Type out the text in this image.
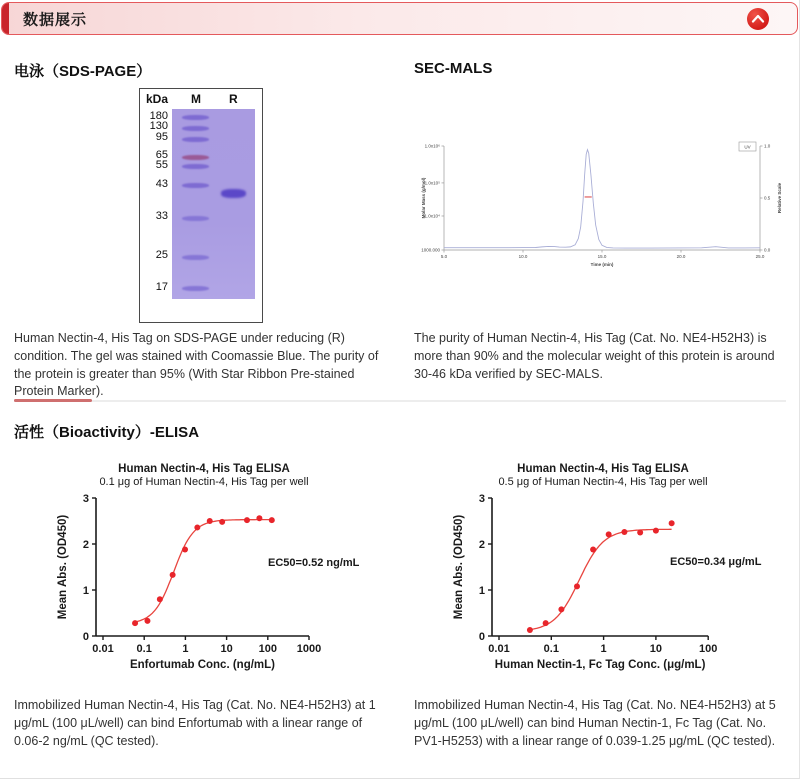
数据展示
电泳（SDS-PAGE）	SEC-MALS
kDa M R
180
130
95
65
55
43
33
25
17
1.0x10⁶
1.0x10⁵
1.0x10⁴
1000.000
1.0
0.5
0.0
5.0	10.0	15.0	20.0	25.0
Time (min)
Molar Mass (g/mol)	Relative Scale
UV

Human Nectin-4, His Tag on SDS-PAGE under reducing (R) condition. The gel was stained with Coomassie Blue. The purity of the protein is greater than 95% (With Star Ribbon Pre-stained Protein Marker).

The purity of Human Nectin-4, His Tag (Cat. No. NE4-H52H3) is more than 90% and the molecular weight of this protein is around 30-46 kDa verified by SEC-MALS.

活性（Bioactivity）-ELISA
Human Nectin-4, His Tag ELISA
0.1 μg of Human Nectin-4, His Tag per well
0
1
2
3
0.01 0.1	1	10 100 1000
Enfortumab Conc. (ng/mL)
Mean Abs. (OD450)	EC50=0.52 ng/mL
Human Nectin-4, His Tag ELISA
0.5 μg of Human Nectin-4, His Tag per well
0
1
2
3
0.01	0.1	1	10	100
Human Nectin-1, Fc Tag Conc. (μg/mL)
Mean Abs. (OD450)	EC50=0.34 μg/mL

Immobilized Human Nectin-4, His Tag (Cat. No. NE4-H52H3) at 1 μg/mL (100 μL/well) can bind Enfortumab with a linear range of 0.06-2 ng/mL (QC tested).

Immobilized Human Nectin-4, His Tag (Cat. No. NE4-H52H3) at 5 μg/mL (100 μL/well) can bind Human Nectin-1, Fc Tag (Cat. No. PV1-H5253) with a linear range of 0.039-1.25 μg/mL (QC tested).
